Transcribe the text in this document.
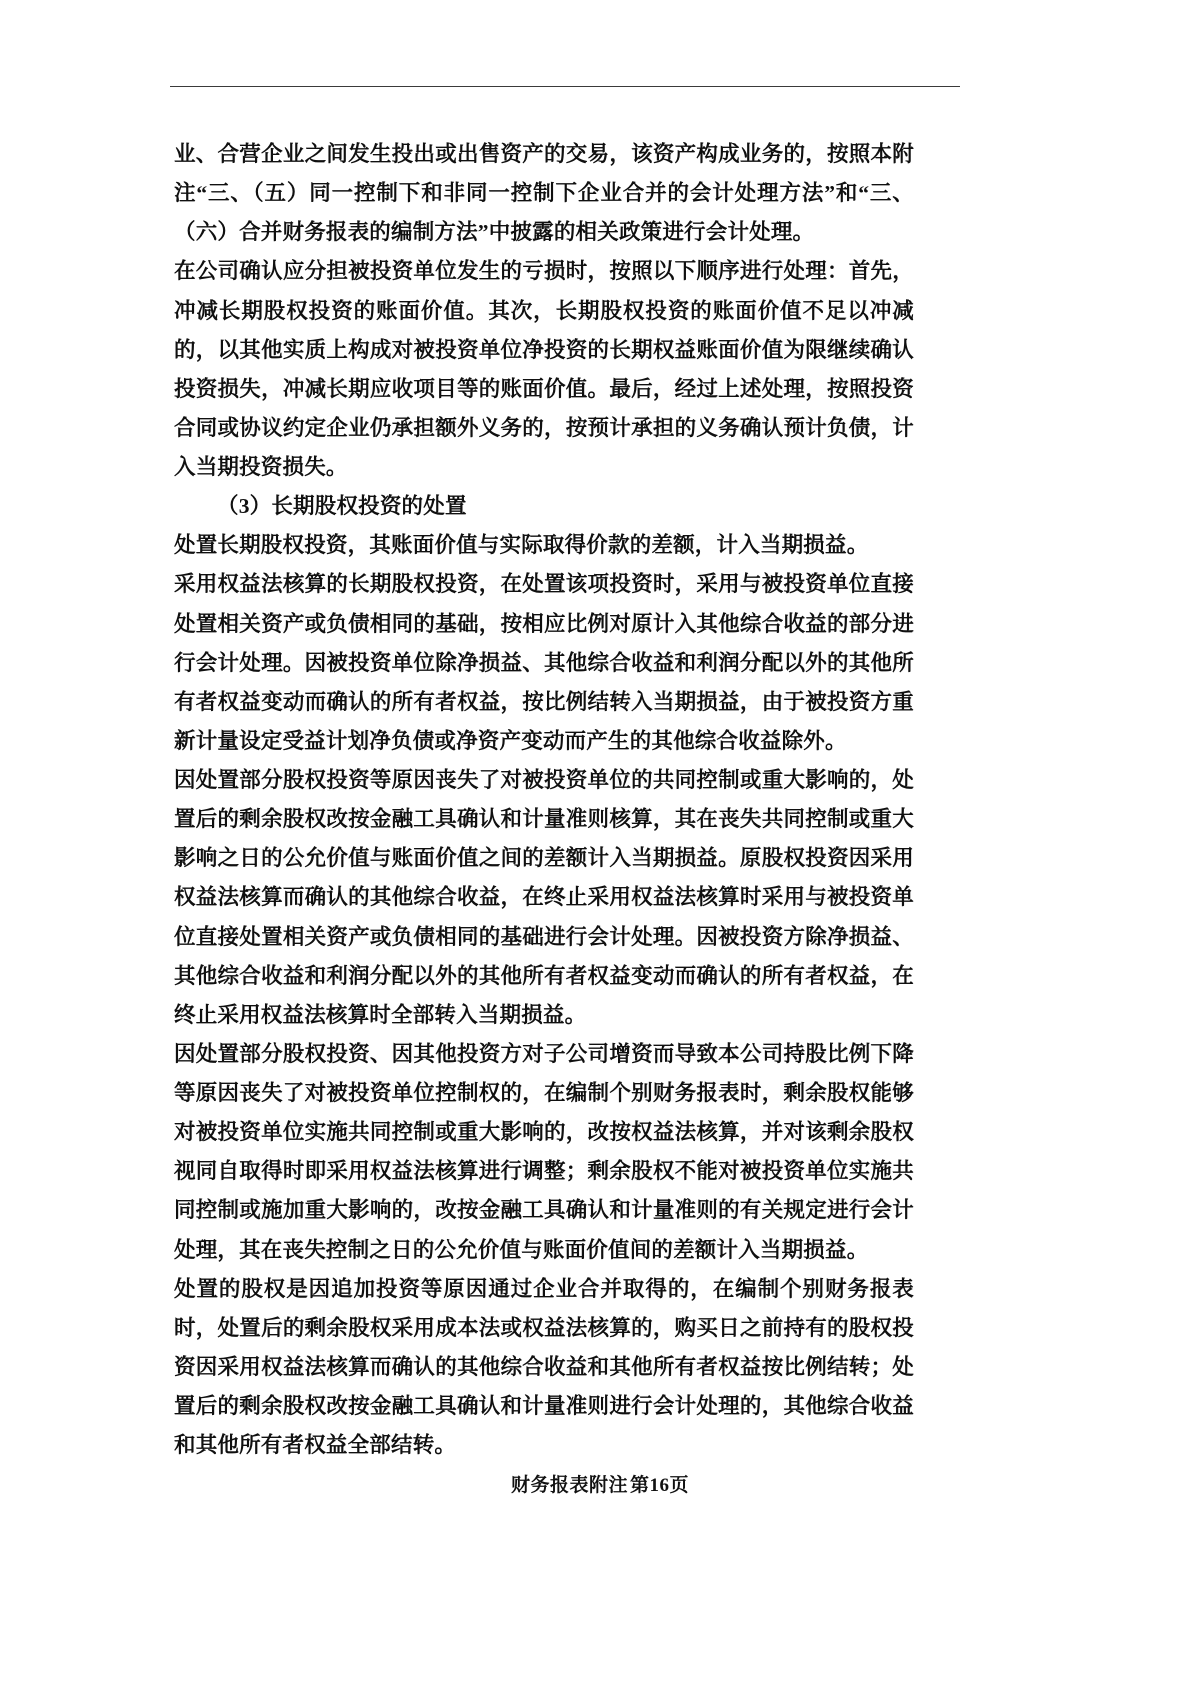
业、合营企业之间发生投出或出售资产的交易，该资产构成业务的，按照本附注“三、（五）同一控制下和非同一控制下企业合并的会计处理方法”和“三、（六）合并财务报表的编制方法”中披露的相关政策进行会计处理。

在公司确认应分担被投资单位发生的亏损时，按照以下顺序进行处理：首先，冲减长期股权投资的账面价值。其次，长期股权投资的账面价值不足以冲减的，以其他实质上构成对被投资单位净投资的长期权益账面价值为限继续确认投资损失，冲减长期应收项目等的账面价值。最后，经过上述处理，按照投资合同或协议约定企业仍承担额外义务的，按预计承担的义务确认预计负债，计入当期投资损失。

（3）长期股权投资的处置

处置长期股权投资，其账面价值与实际取得价款的差额，计入当期损益。

采用权益法核算的长期股权投资，在处置该项投资时，采用与被投资单位直接处置相关资产或负债相同的基础，按相应比例对原计入其他综合收益的部分进行会计处理。因被投资单位除净损益、其他综合收益和利润分配以外的其他所有者权益变动而确认的所有者权益，按比例结转入当期损益，由于被投资方重新计量设定受益计划净负债或净资产变动而产生的其他综合收益除外。

因处置部分股权投资等原因丧失了对被投资单位的共同控制或重大影响的，处置后的剩余股权改按金融工具确认和计量准则核算，其在丧失共同控制或重大影响之日的公允价值与账面价值之间的差额计入当期损益。原股权投资因采用权益法核算而确认的其他综合收益，在终止采用权益法核算时采用与被投资单位直接处置相关资产或负债相同的基础进行会计处理。因被投资方除净损益、其他综合收益和利润分配以外的其他所有者权益变动而确认的所有者权益，在终止采用权益法核算时全部转入当期损益。

因处置部分股权投资、因其他投资方对子公司增资而导致本公司持股比例下降等原因丧失了对被投资单位控制权的，在编制个别财务报表时，剩余股权能够对被投资单位实施共同控制或重大影响的，改按权益法核算，并对该剩余股权视同自取得时即采用权益法核算进行调整；剩余股权不能对被投资单位实施共同控制或施加重大影响的，改按金融工具确认和计量准则的有关规定进行会计处理，其在丧失控制之日的公允价值与账面价值间的差额计入当期损益。

处置的股权是因追加投资等原因通过企业合并取得的，在编制个别财务报表时，处置后的剩余股权采用成本法或权益法核算的，购买日之前持有的股权投资因采用权益法核算而确认的其他综合收益和其他所有者权益按比例结转；处置后的剩余股权改按金融工具确认和计量准则进行会计处理的，其他综合收益和其他所有者权益全部结转。

财务报表附注 第16页
